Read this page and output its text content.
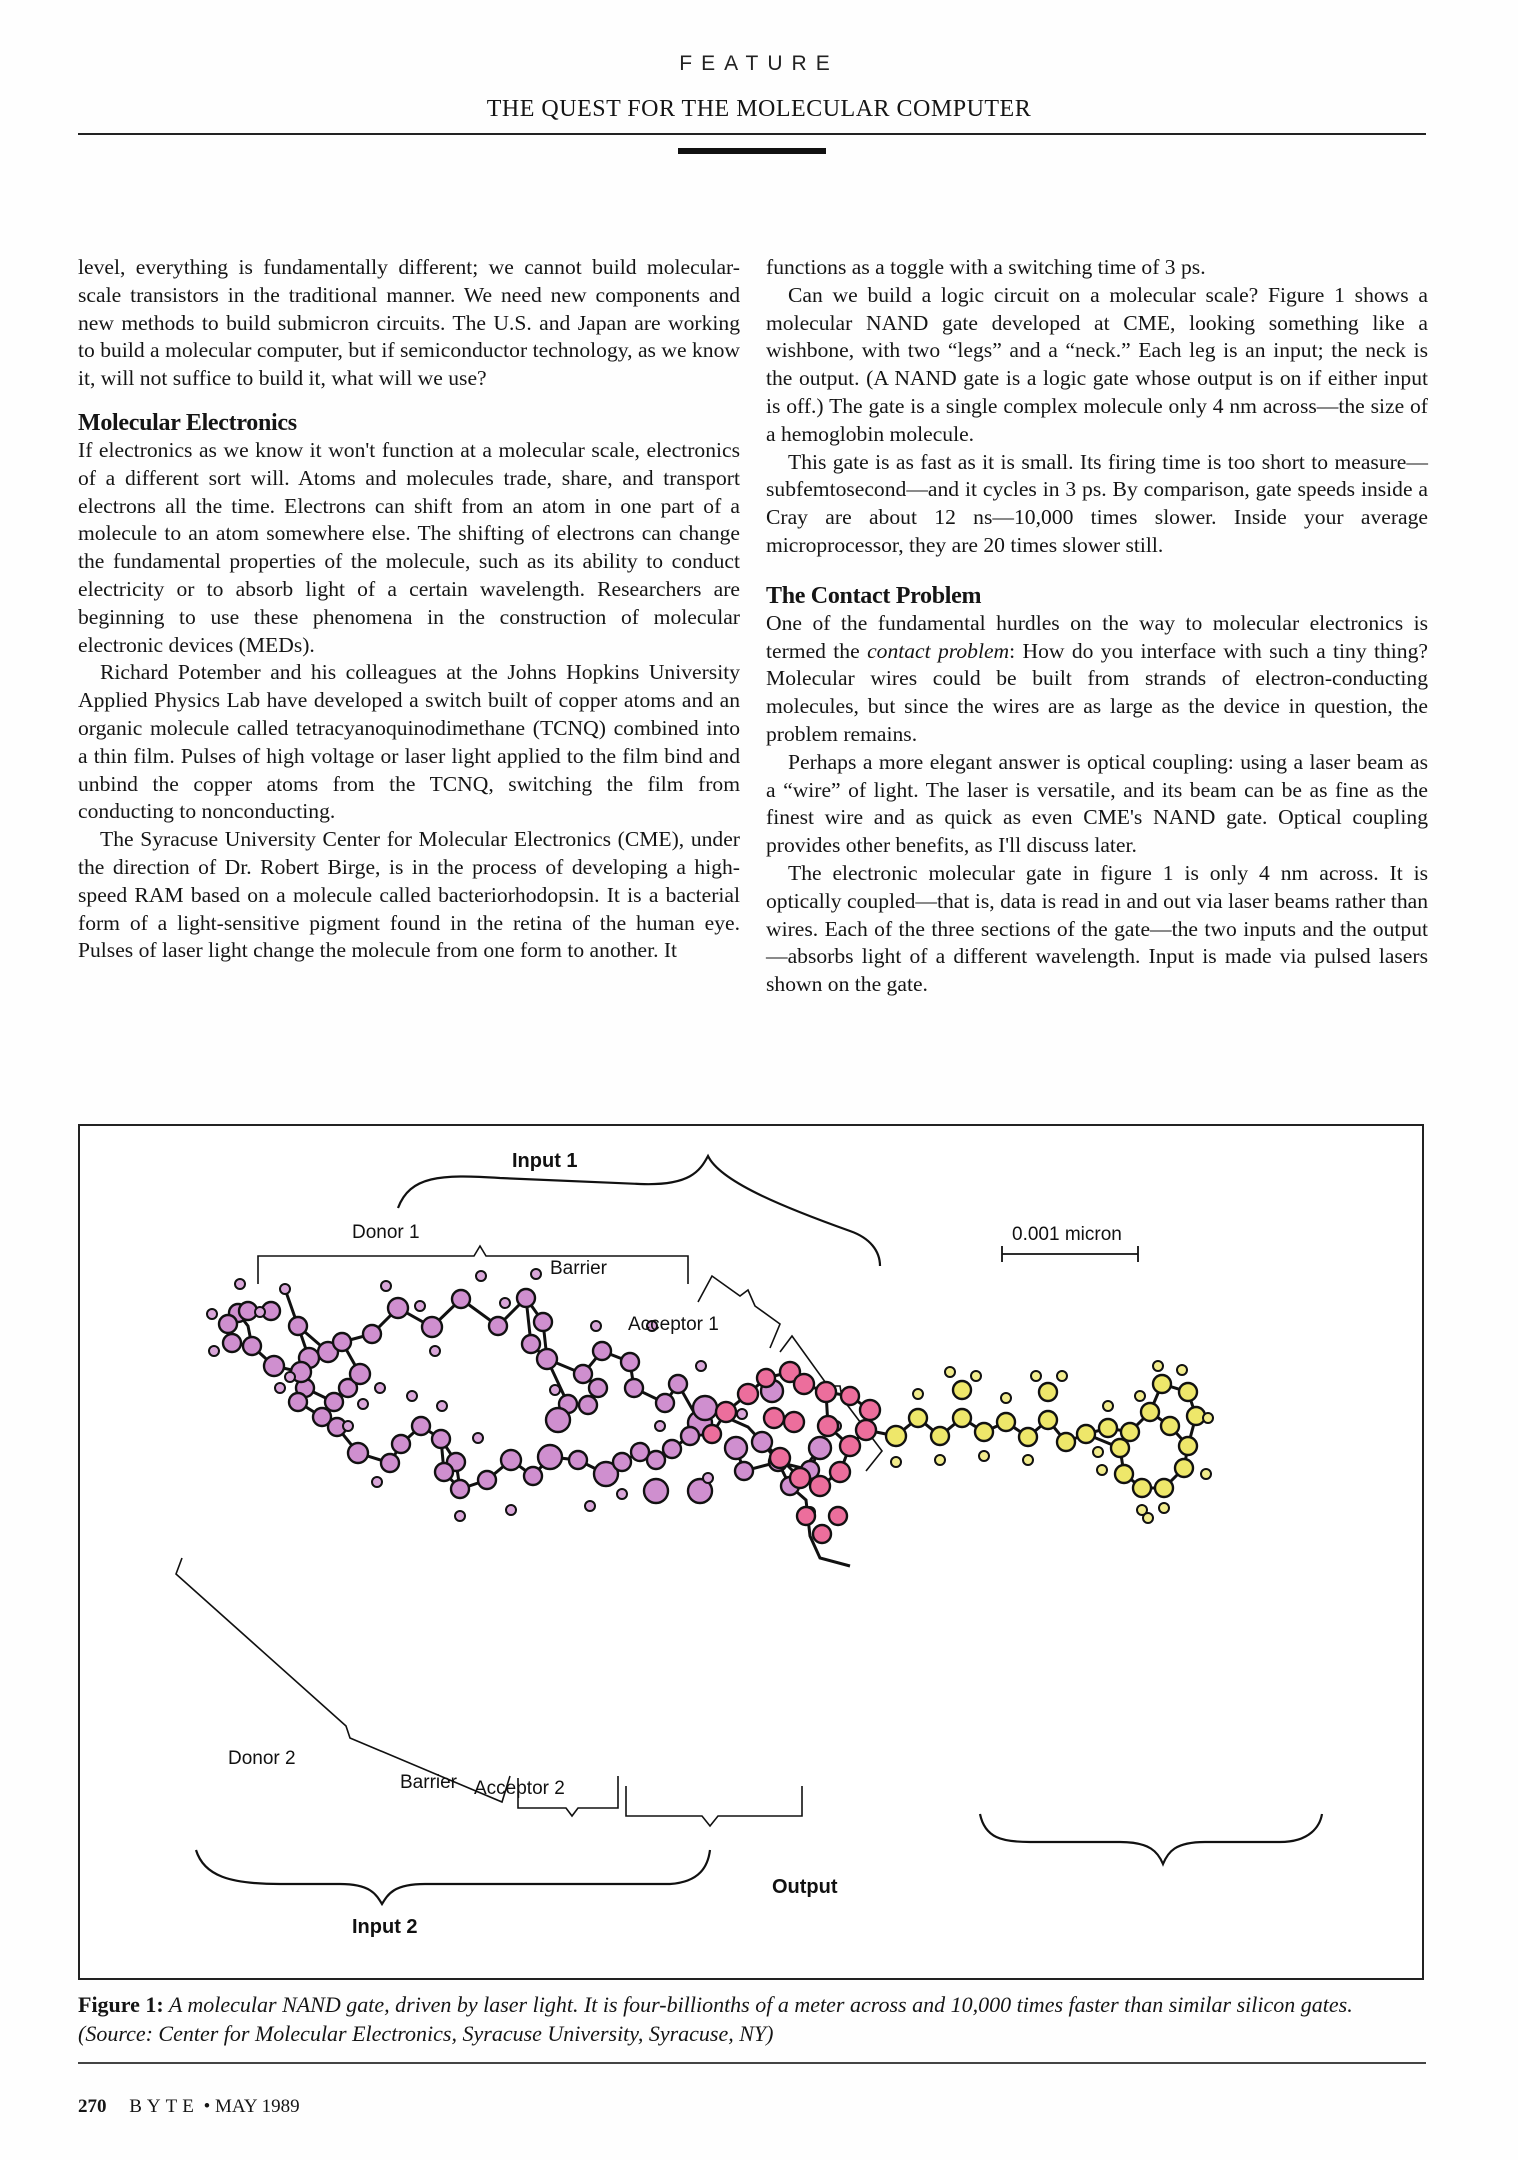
FEATURE
THE QUEST FOR THE MOLECULAR COMPUTER

level, everything is fundamentally different; we cannot build molecular-scale transistors in the traditional manner. We need new components and new methods to build submicron circuits. The U.S. and Japan are working to build a molecular computer, but if semiconductor technology, as we know it, will not suffice to build it, what will we use?

Molecular Electronics

If electronics as we know it won't function at a molecular scale, electronics of a different sort will. Atoms and molecules trade, share, and transport electrons all the time. Electrons can shift from an atom in one part of a molecule to an atom somewhere else. The shifting of electrons can change the fundamental properties of the molecule, such as its ability to conduct electricity or to absorb light of a certain wavelength. Researchers are beginning to use these phenomena in the construction of molecular electronic devices (MEDs).

Richard Potember and his colleagues at the Johns Hopkins University Applied Physics Lab have developed a switch built of copper atoms and an organic molecule called tetracyanoquinodimethane (TCNQ) combined into a thin film. Pulses of high voltage or laser light applied to the film bind and unbind the copper atoms from the TCNQ, switching the film from conducting to nonconducting.

The Syracuse University Center for Molecular Electronics (CME), under the direction of Dr. Robert Birge, is in the process of developing a high-speed RAM based on a molecule called bacteriorhodopsin. It is a bacterial form of a light-sensitive pigment found in the retina of the human eye. Pulses of laser light change the molecule from one form to another. It

functions as a toggle with a switching time of 3 ps.

Can we build a logic circuit on a molecular scale? Figure 1 shows a molecular NAND gate developed at CME, looking something like a wishbone, with two “legs” and a “neck.” Each leg is an input; the neck is the output. (A NAND gate is a logic gate whose output is on if either input is off.) The gate is a single complex molecule only 4 nm across—the size of a hemoglobin molecule.

This gate is as fast as it is small. Its firing time is too short to measure—subfemtosecond—and it cycles in 3 ps. By comparison, gate speeds inside a Cray are about 12 ns—10,000 times slower. Inside your average microprocessor, they are 20 times slower still.

The Contact Problem

One of the fundamental hurdles on the way to molecular electronics is termed the contact problem: How do you interface with such a tiny thing? Molecular wires could be built from strands of electron-conducting molecules, but since the wires are as large as the device in question, the problem remains.

Perhaps a more elegant answer is optical coupling: using a laser beam as a “wire” of light. The laser is versatile, and its beam can be as fine as the finest wire and as quick as even CME's NAND gate. Optical coupling provides other benefits, as I'll discuss later.

The electronic molecular gate in figure 1 is only 4 nm across. It is optically coupled—that is, data is read in and out via laser beams rather than wires. Each of the three sections of the gate—the two inputs and the output—absorbs light of a different wavelength. Input is made via pulsed lasers shown on the gate.

Input 1
Donor 1
Barrier
Acceptor 1
0.001 micron
Donor 2
Barrier Acceptor 2
Input 2
Output
Figure 1: A molecular NAND gate, driven by laser light. It is four-billionths of a meter across and 10,000 times faster than similar silicon gates. (Source: Center for Molecular Electronics, Syracuse University, Syracuse, NY)
270 BYTE • MAY 1989
